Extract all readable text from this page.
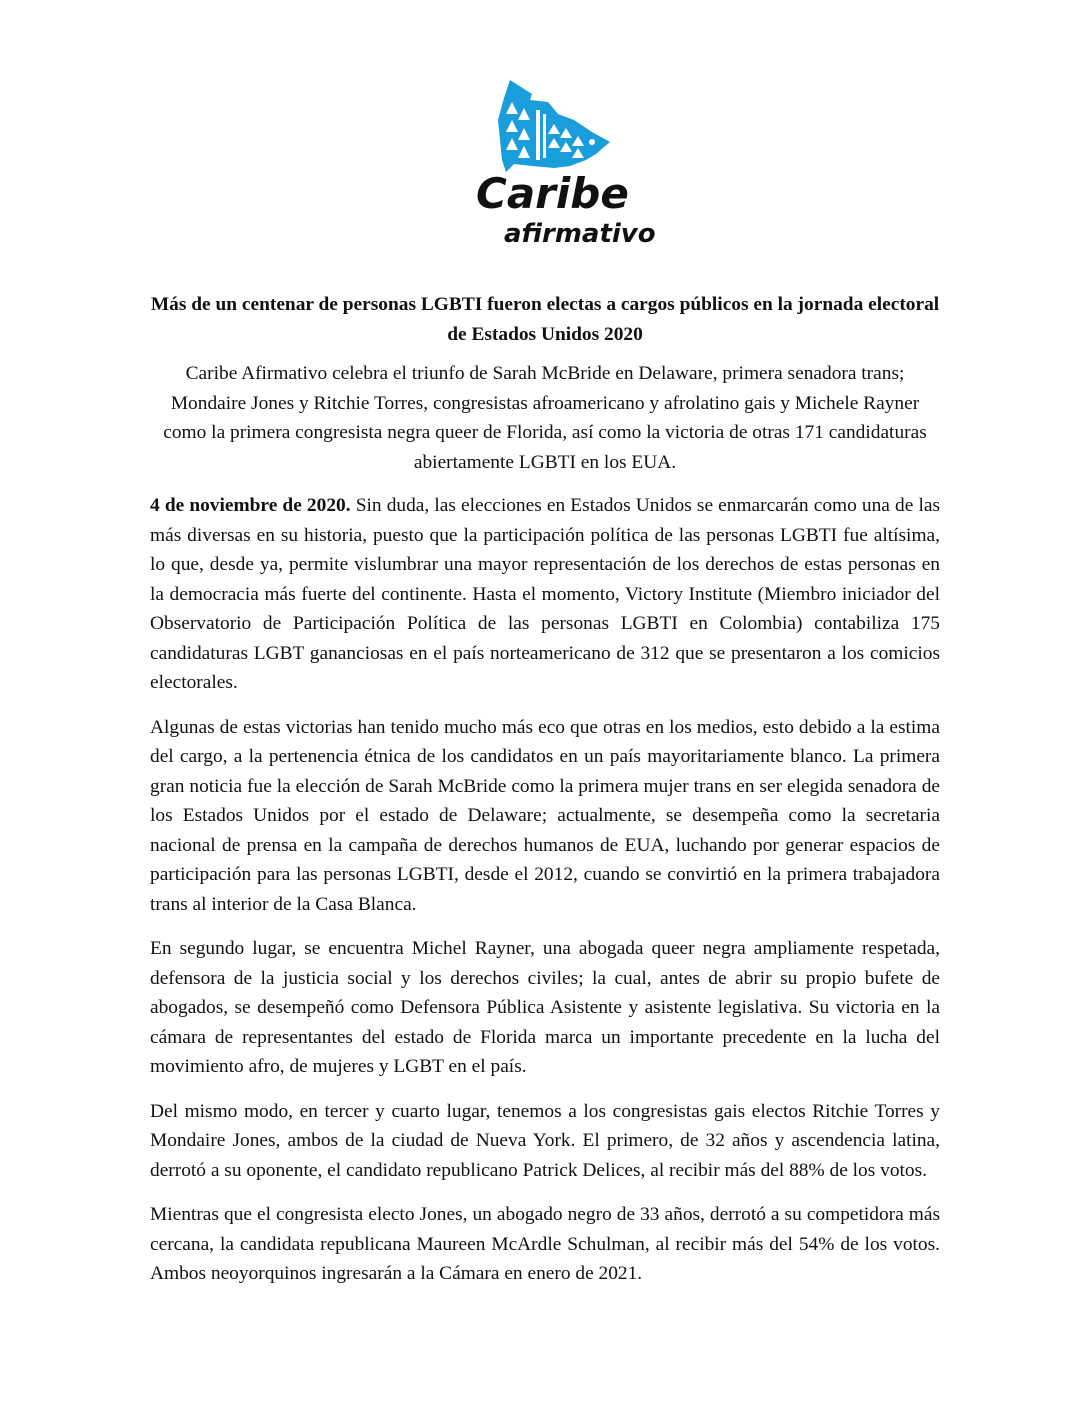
Caribe
afirmativo

Más de un centenar de personas LGBTI fueron electas a cargos públicos en la jornada electoral de Estados Unidos 2020

Caribe Afirmativo celebra el triunfo de Sarah McBride en Delaware, primera senadora trans; Mondaire Jones y Ritchie Torres, congresistas afroamericano y afrolatino gais y Michele Rayner como la primera congresista negra queer de Florida, así como la victoria de otras 171 candidaturas abiertamente LGBTI en los EUA.

4 de noviembre de 2020. Sin duda, las elecciones en Estados Unidos se enmarcarán como una de las más diversas en su historia, puesto que la participación política de las personas LGBTI fue altísima, lo que, desde ya, permite vislumbrar una mayor representación de los derechos de estas personas en la democracia más fuerte del continente. Hasta el momento, Victory Institute (Miembro iniciador del Observatorio de Participación Política de las personas LGBTI en Colombia) contabiliza 175 candidaturas LGBT gananciosas en el país norteamericano de 312 que se presentaron a los comicios electorales.

Algunas de estas victorias han tenido mucho más eco que otras en los medios, esto debido a la estima del cargo, a la pertenencia étnica de los candidatos en un país mayoritariamente blanco. La primera gran noticia fue la elección de Sarah McBride como la primera mujer trans en ser elegida senadora de los Estados Unidos por el estado de Delaware; actualmente, se desempeña como la secretaria nacional de prensa en la campaña de derechos humanos de EUA, luchando por generar espacios de participación para las personas LGBTI, desde el 2012, cuando se convirtió en la primera trabajadora trans al interior de la Casa Blanca.

En segundo lugar, se encuentra Michel Rayner, una abogada queer negra ampliamente respetada, defensora de la justicia social y los derechos civiles; la cual, antes de abrir su propio bufete de abogados, se desempeñó como Defensora Pública Asistente y asistente legislativa. Su victoria en la cámara de representantes del estado de Florida marca un importante precedente en la lucha del movimiento afro, de mujeres y LGBT en el país.

Del mismo modo, en tercer y cuarto lugar, tenemos a los congresistas gais electos Ritchie Torres y Mondaire Jones, ambos de la ciudad de Nueva York. El primero, de 32 años y ascendencia latina, derrotó a su oponente, el candidato republicano Patrick Delices, al recibir más del 88% de los votos.

Mientras que el congresista electo Jones, un abogado negro de 33 años, derrotó a su competidora más cercana, la candidata republicana Maureen McArdle Schulman, al recibir más del 54% de los votos. Ambos neoyorquinos ingresarán a la Cámara en enero de 2021.
